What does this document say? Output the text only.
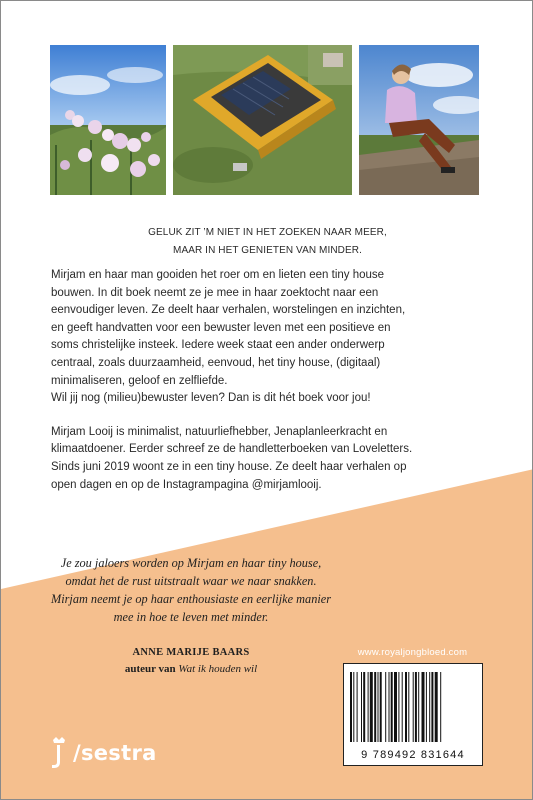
GELUK ZIT ’M NIET IN HET ZOEKEN NAAR MEER,
MAAR IN HET GENIETEN VAN MINDER.
Mirjam en haar man gooiden het roer om en lieten een tiny house
bouwen. In dit boek neemt ze je mee in haar zoektocht naar een
eenvoudiger leven. Ze deelt haar verhalen, worstelingen en inzichten,
en geeft handvatten voor een bewuster leven met een positieve en
soms christelijke insteek. Iedere week staat een ander onderwerp
centraal, zoals duurzaamheid, eenvoud, het tiny house, (digitaal)
minimaliseren, geloof en zelfliefde.
Wil jij nog (milieu)bewuster leven? Dan is dit hét boek voor jou!
Mirjam Looij is minimalist, natuurliefhebber, Jenaplanleerkracht en
klimaatdoener. Eerder schreef ze de handletterboeken van Loveletters.
Sinds juni 2019 woont ze in een tiny house. Ze deelt haar verhalen op
open dagen en op de Instagrampagina @mirjamlooij.
Je zou jaloers worden op Mirjam en haar tiny house,
omdat het de rust uitstraalt waar we naar snakken.
Mirjam neemt je op haar enthousiaste en eerlijke manier
mee in hoe te leven met minder.
ANNE MARIJE BAARS
auteur van Wat ik houden wil
www.royaljongbloed.com
9 789492 831644
/sestra
